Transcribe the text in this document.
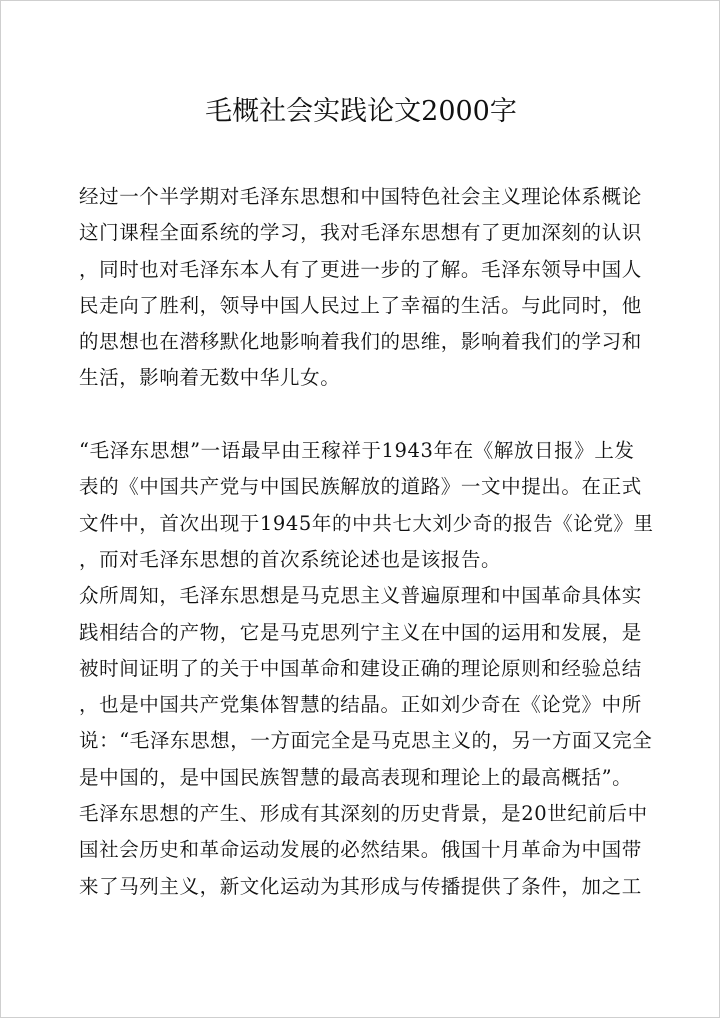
毛概社会实践论文2000字
经过一个半学期对毛泽东思想和中国特色社会主义理论体系概论
这门课程全面系统的学习，我对毛泽东思想有了更加深刻的认识
，同时也对毛泽东本人有了更进一步的了解。毛泽东领导中国人
民走向了胜利，领导中国人民过上了幸福的生活。与此同时，他
的思想也在潜移默化地影响着我们的思维，影响着我们的学习和
生活，影响着无数中华儿女。
“毛泽东思想”一语最早由王稼祥于1943年在《解放日报》上发
表的《中国共产党与中国民族解放的道路》一文中提出。在正式
文件中，首次出现于1945年的中共七大刘少奇的报告《论党》里
，而对毛泽东思想的首次系统论述也是该报告。
众所周知，毛泽东思想是马克思主义普遍原理和中国革命具体实
践相结合的产物，它是马克思列宁主义在中国的运用和发展，是
被时间证明了的关于中国革命和建设正确的理论原则和经验总结
，也是中国共产党集体智慧的结晶。正如刘少奇在《论党》中所
说：“毛泽东思想，一方面完全是马克思主义的，另一方面又完全
是中国的，是中国民族智慧的最高表现和理论上的最高概括”。
毛泽东思想的产生、形成有其深刻的历史背景，是20世纪前后中
国社会历史和革命运动发展的必然结果。俄国十月革命为中国带
来了马列主义，新文化运动为其形成与传播提供了条件，加之工
